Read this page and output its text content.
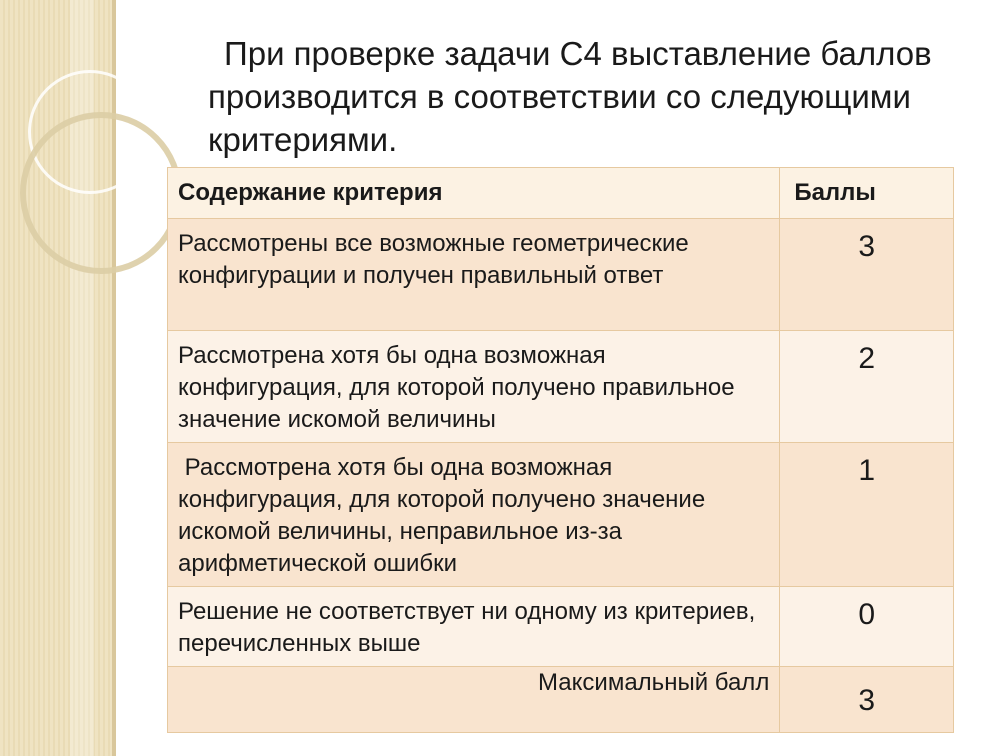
При проверке задачи С4 выставление баллов производится в соответствии со следующими критериями.

Содержание критерия	Баллы
Рассмотрены все возможные геометрические конфигурации и получен правильный ответ	3
Рассмотрена хотя бы одна возможная конфигурация, для которой получено правильное значение искомой величины	2
Рассмотрена хотя бы одна возможная конфигурация, для которой получено значение искомой величины, неправильное из-за арифметической ошибки	1
Решение не соответствует ни одному из критериев, перечисленных выше	0
Максимальный балл	3
